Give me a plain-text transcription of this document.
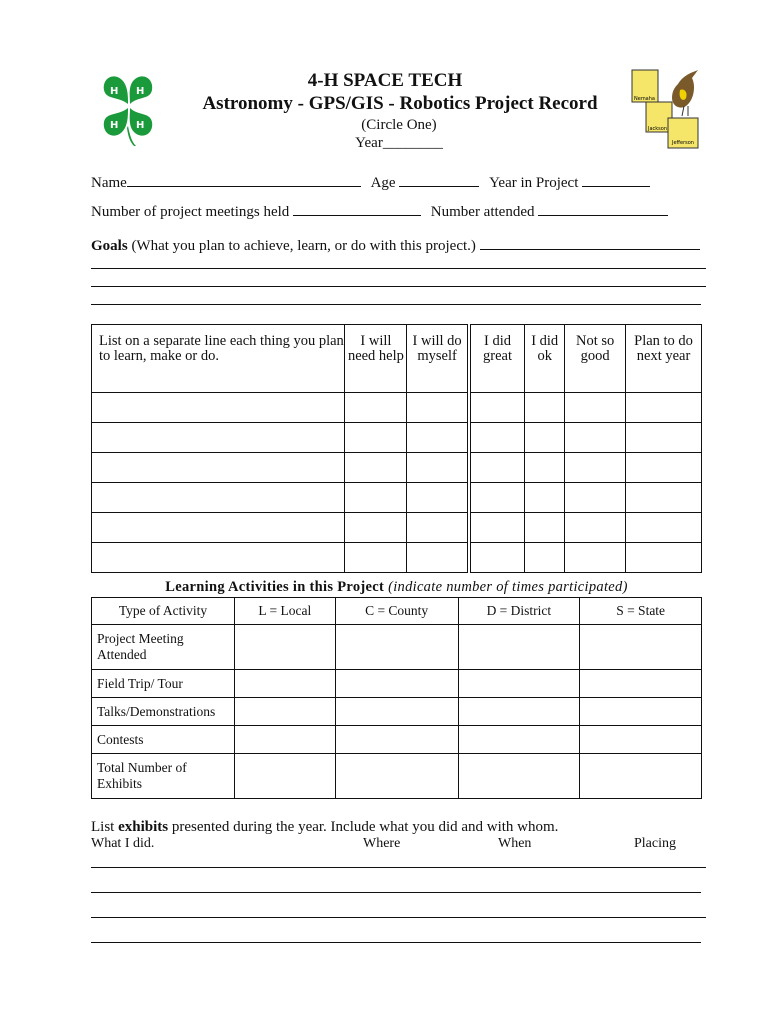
H H
H H
Nemaha
Jackson
Jefferson
4-H SPACE TECH
Astronomy - GPS/GIS - Robotics Project Record
(Circle One)
Year________
Name	Age	Year in Project
Number of project meetings held	Number attended
Goals (What you plan to achieve, learn, or do with this project.)
List on a separate line each thing you plan to learn, make or do.	I will need help	I will do myself	I did great	I did ok	Not so good	Plan to do next year

Learning Activities in this Project (indicate number of times participated)
Type of Activity	L = Local	C = County	D = District	S = State
Project Meeting Attended				
Field Trip/ Tour				
Talks/Demonstrations				
Contests				
Total Number of Exhibits				
List exhibits presented during the year. Include what you did and with whom.
What I did.	Where	When	Placing
